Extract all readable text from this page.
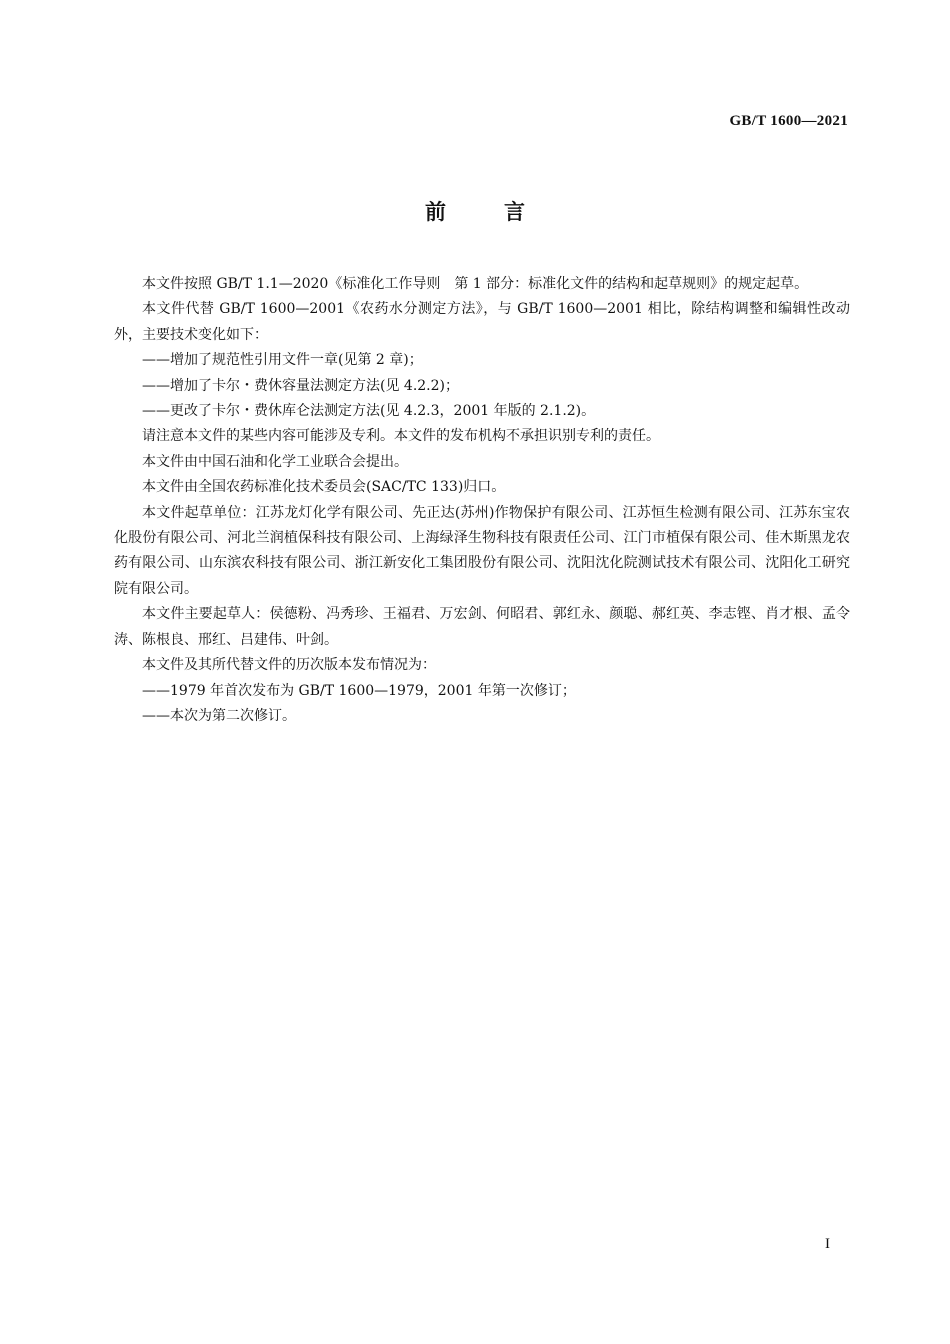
GB/T 1600—2021
前言

本文件按照 GB/T 1.1—2020《标准化工作导则　第 1 部分：标准化文件的结构和起草规则》的规定起草。

本文件代替 GB/T 1600—2001《农药水分测定方法》，与 GB/T 1600—2001 相比，除结构调整和编辑性改动外，主要技术变化如下：

——增加了规范性引用文件一章(见第 2 章)；

——增加了卡尔・费休容量法测定方法(见 4.2.2)；

——更改了卡尔・费休库仑法测定方法(见 4.2.3，2001 年版的 2.1.2)。

请注意本文件的某些内容可能涉及专利。本文件的发布机构不承担识别专利的责任。

本文件由中国石油和化学工业联合会提出。

本文件由全国农药标准化技术委员会(SAC/TC 133)归口。

本文件起草单位：江苏龙灯化学有限公司、先正达(苏州)作物保护有限公司、江苏恒生检测有限公司、江苏东宝农化股份有限公司、河北兰润植保科技有限公司、上海绿泽生物科技有限责任公司、江门市植保有限公司、佳木斯黑龙农药有限公司、山东滨农科技有限公司、浙江新安化工集团股份有限公司、沈阳沈化院测试技术有限公司、沈阳化工研究院有限公司。

本文件主要起草人：侯德粉、冯秀珍、王福君、万宏剑、何昭君、郭红永、颜聪、郝红英、李志铿、肖才根、孟令涛、陈根良、邢红、吕建伟、叶剑。

本文件及其所代替文件的历次版本发布情况为：

——1979 年首次发布为 GB/T 1600—1979，2001 年第一次修订；

——本次为第二次修订。

I
